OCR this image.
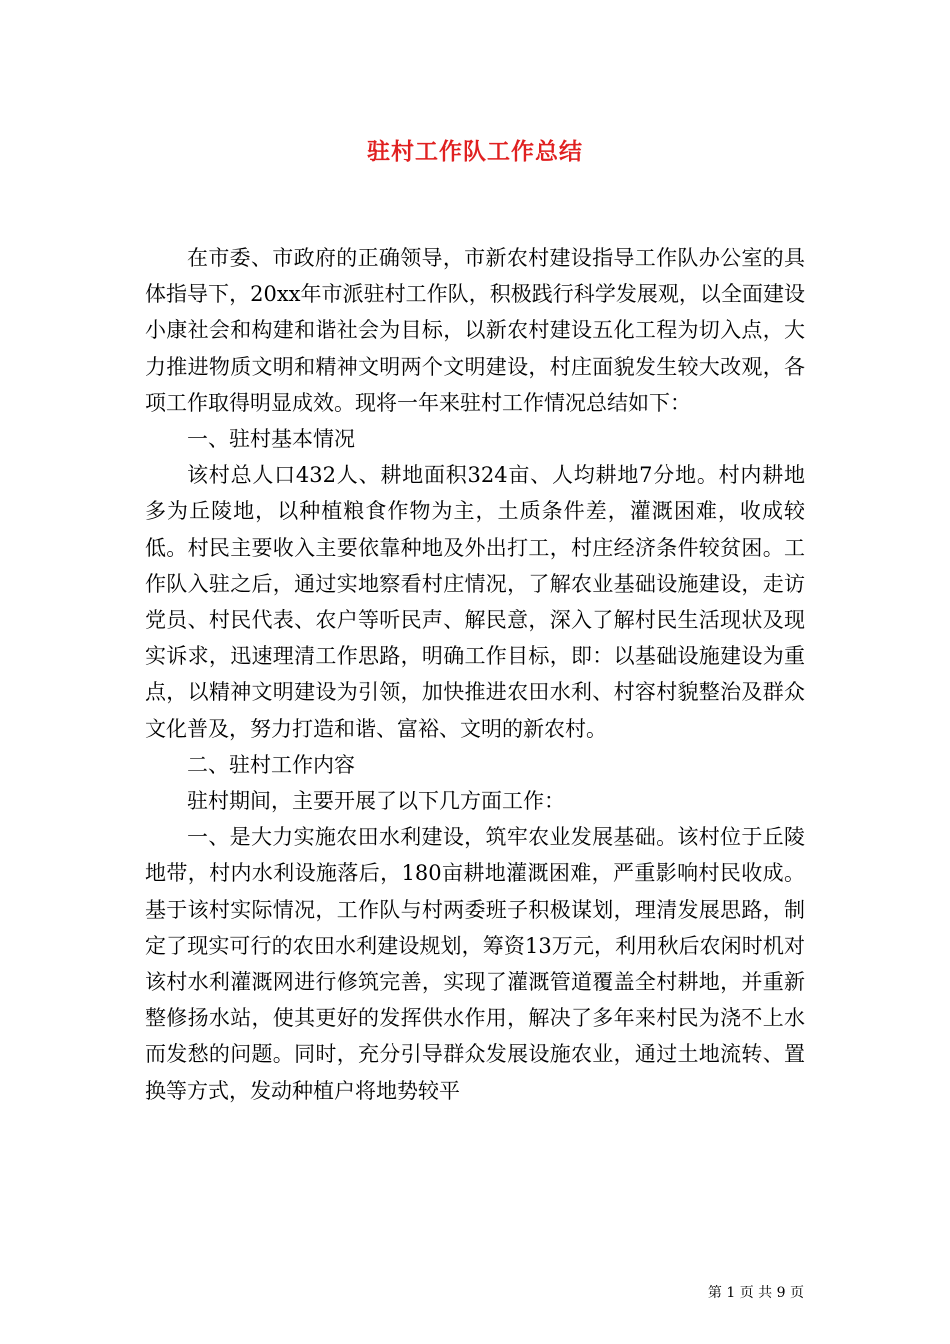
驻村工作队工作总结

在市委、市政府的正确领导，市新农村建设指导工作队办公室的具体指导下，20xx年市派驻村工作队，积极践行科学发展观，以全面建设小康社会和构建和谐社会为目标，以新农村建设五化工程为切入点，大力推进物质文明和精神文明两个文明建设，村庄面貌发生较大改观，各项工作取得明显成效。现将一年来驻村工作情况总结如下：

一、驻村基本情况

该村总人口432人、耕地面积324亩、人均耕地7分地。村内耕地多为丘陵地，以种植粮食作物为主，土质条件差，灌溉困难，收成较低。村民主要收入主要依靠种地及外出打工，村庄经济条件较贫困。工作队入驻之后，通过实地察看村庄情况，了解农业基础设施建设，走访党员、村民代表、农户等听民声、解民意，深入了解村民生活现状及现实诉求，迅速理清工作思路，明确工作目标，即：以基础设施建设为重点，以精神文明建设为引领，加快推进农田水利、村容村貌整治及群众文化普及，努力打造和谐、富裕、文明的新农村。

二、驻村工作内容

驻村期间，主要开展了以下几方面工作：

一、是大力实施农田水利建设，筑牢农业发展基础。该村位于丘陵地带，村内水利设施落后，180亩耕地灌溉困难，严重影响村民收成。基于该村实际情况，工作队与村两委班子积极谋划，理清发展思路，制定了现实可行的农田水利建设规划，筹资13万元，利用秋后农闲时机对该村水利灌溉网进行修筑完善，实现了灌溉管道覆盖全村耕地，并重新整修扬水站，使其更好的发挥供水作用，解决了多年来村民为浇不上水而发愁的问题。同时，充分引导群众发展设施农业，通过土地流转、置换等方式，发动种植户将地势较平

第 1 页 共 9 页
